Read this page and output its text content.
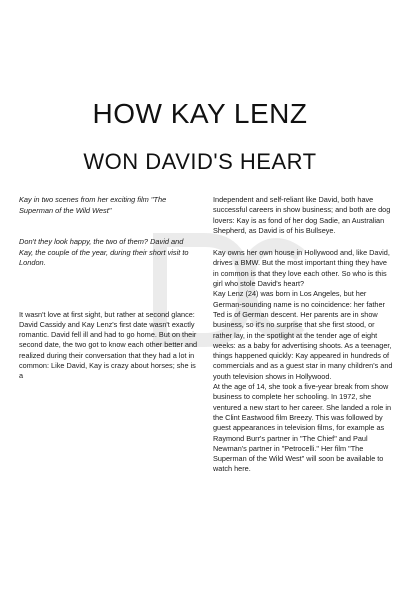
HOW KAY LENZ
WON DAVID'S HEART

Kay in two scenes from her exciting film "The Superman of the Wild West"

Don't they look happy, the two of them? David and Kay, the couple of the year, during their short visit to London.

It wasn't love at first sight, but rather at second glance: David Cassidy and Kay Lenz's first date wasn't exactly romantic. David fell ill and had to go home. But on their second date, the two got to know each other better and realized during their conversation that they had a lot in common: Like David, Kay is crazy about horses; she is a

Independent and self-reliant like David, both have successful careers in show business; and both are dog lovers: Kay is as fond of her dog Sadie, an Australian Shepherd, as David is of his Bullseye.

Kay owns her own house in Hollywood and, like David, drives a BMW. But the most important thing they have in common is that they love each other. So who is this girl who stole David's heart?
Kay Lenz (24) was born in Los Angeles, but her German-sounding name is no coincidence: her father Ted is of German descent. Her parents are in show business, so it's no surprise that she first stood, or rather lay, in the spotlight at the tender age of eight weeks: as a baby for advertising shoots. As a teenager, things happened quickly: Kay appeared in hundreds of commercials and as a guest star in many children's and youth television shows in Hollywood.
At the age of 14, she took a five-year break from show business to complete her schooling. In 1972, she ventured a new start to her career. She landed a role in the Clint Eastwood film Breezy. This was followed by guest appearances in television films, for example as Raymond Burr's partner in "The Chief" and Paul Newman's partner in "Petrocelli." Her film "The Superman of the Wild West" will soon be available to watch here.
